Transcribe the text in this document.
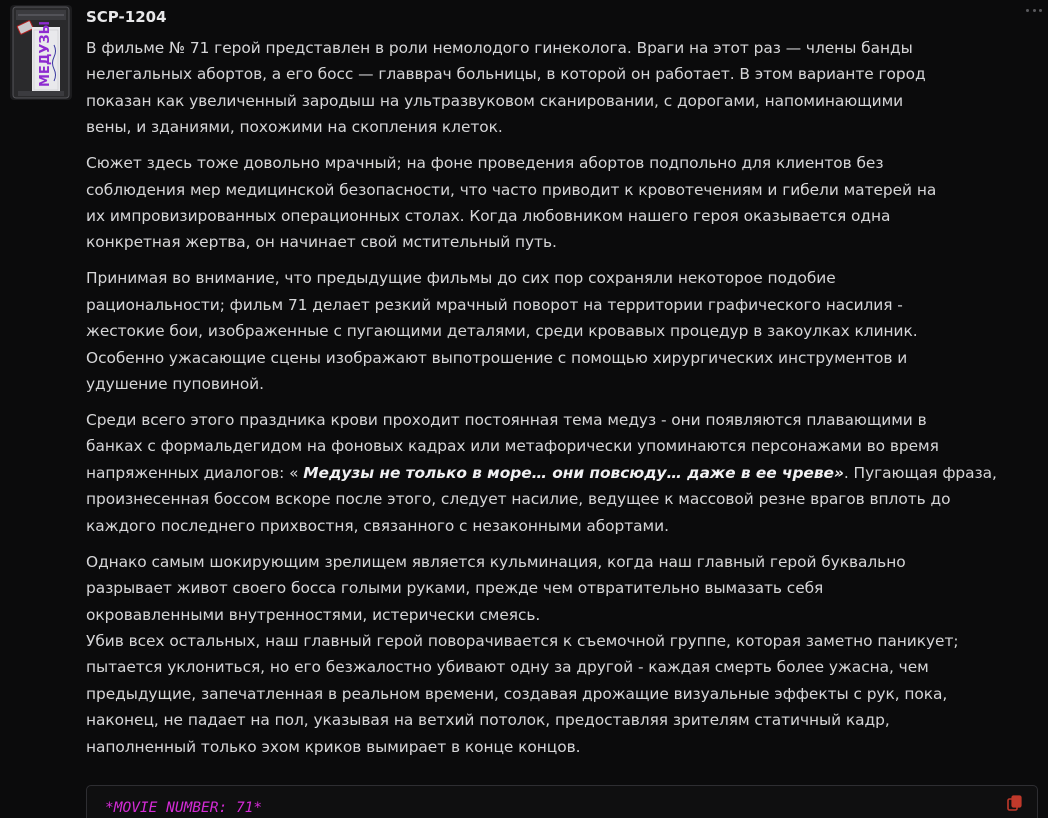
МЕДУЗЫ
SCP-1204
В фильме № 71 герой представлен в роли немолодого гинеколога. Враги на этот раз — члены банды
нелегальных абортов, а его босс — главврач больницы, в которой он работает. В этом варианте город
показан как увеличенный зародыш на ультразвуковом сканировании, с дорогами, напоминающими
вены, и зданиями, похожими на скопления клеток.
Сюжет здесь тоже довольно мрачный; на фоне проведения абортов подпольно для клиентов без
соблюдения мер медицинской безопасности, что часто приводит к кровотечениям и гибели матерей на
их импровизированных операционных столах. Когда любовником нашего героя оказывается одна
конкретная жертва, он начинает свой мстительный путь.
Принимая во внимание, что предыдущие фильмы до сих пор сохраняли некоторое подобие
рациональности; фильм 71 делает резкий мрачный поворот на территории графического насилия -
жестокие бои, изображенные с пугающими деталями, среди кровавых процедур в закоулках клиник.
Особенно ужасающие сцены изображают выпотрошение с помощью хирургических инструментов и
удушение пуповиной.
Среди всего этого праздника крови проходит постоянная тема медуз - они появляются плавающими в
банках с формальдегидом на фоновых кадрах или метафорически упоминаются персонажами во время
напряженных диалогов: « Медузы не только в море… они повсюду… даже в ее чреве». Пугающая фраза,
произнесенная боссом вскоре после этого, следует насилие, ведущее к массовой резне врагов вплоть до
каждого последнего прихвостня, связанного с незаконными абортами.
Однако самым шокирующим зрелищем является кульминация, когда наш главный герой буквально
разрывает живот своего босса голыми руками, прежде чем отвратительно вымазать себя
окровавленными внутренностями, истерически смеясь.
Убив всех остальных, наш главный герой поворачивается к съемочной группе, которая заметно паникует;
пытается уклониться, но его безжалостно убивают одну за другой - каждая смерть более ужасна, чем
предыдущие, запечатленная в реальном времени, создавая дрожащие визуальные эффекты с рук, пока,
наконец, не падает на пол, указывая на ветхий потолок, предоставляя зрителям статичный кадр,
наполненный только эхом криков вымирает в конце концов.
*MOVIE NUMBER: 71*
